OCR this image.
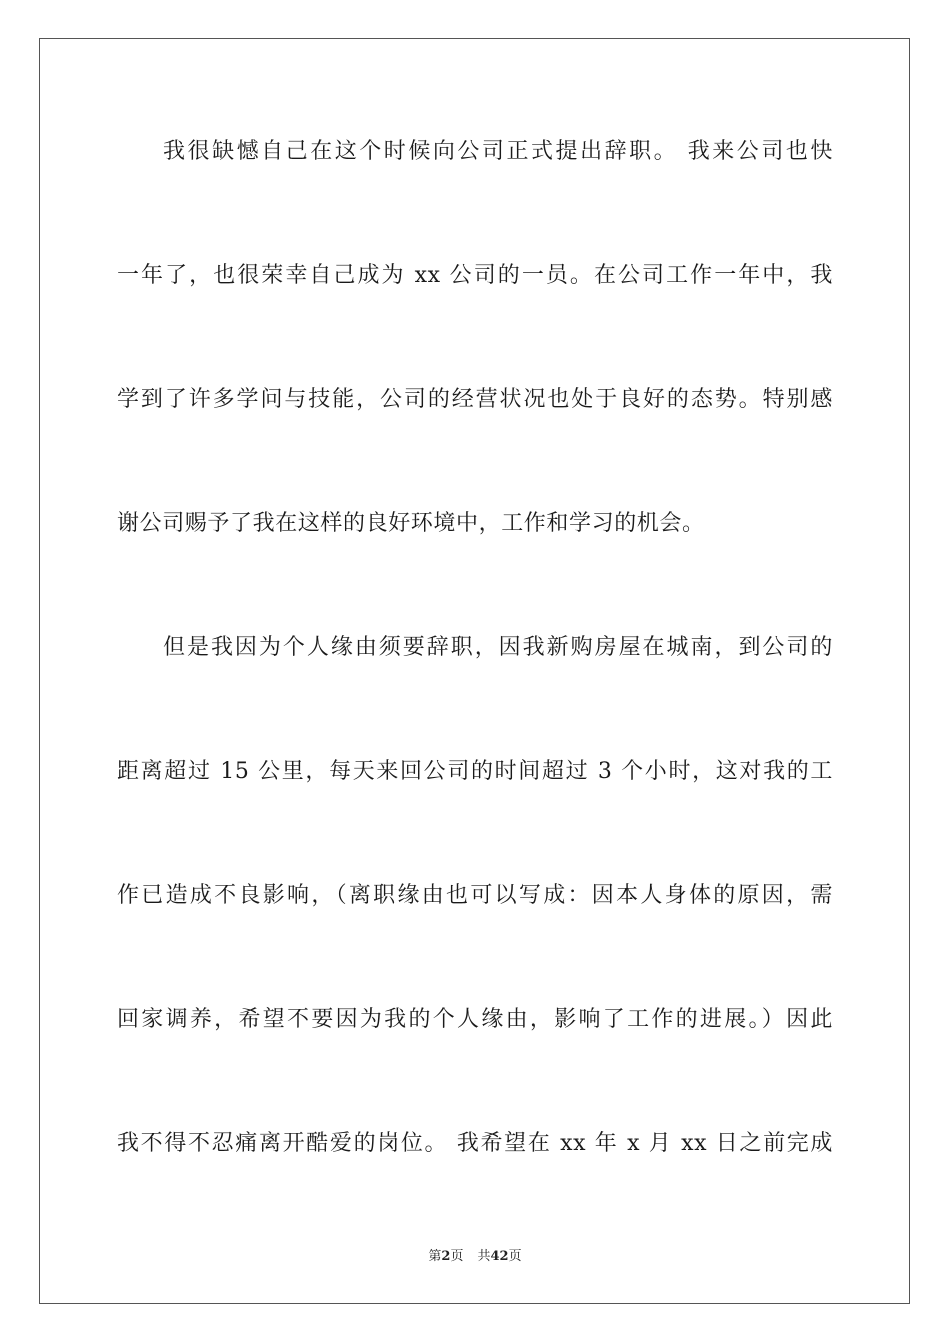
我很缺憾自己在这个时候向公司正式提出辞职。 我来公司也快
一年了，也很荣幸自己成为 xx 公司的一员。在公司工作一年中，我
学到了许多学问与技能，公司的经营状况也处于良好的态势。特别感
谢公司赐予了我在这样的良好环境中，工作和学习的机会。
但是我因为个人缘由须要辞职，因我新购房屋在城南，到公司的
距离超过 15 公里，每天来回公司的时间超过 3 个小时，这对我的工
作已造成不良影响，（离职缘由也可以写成：因本人身体的原因，需
回家调养，希望不要因为我的个人缘由，影响了工作的进展。）因此
我不得不忍痛离开酷爱的岗位。 我希望在 xx 年 x 月 xx 日之前完成
第2页 共42页
